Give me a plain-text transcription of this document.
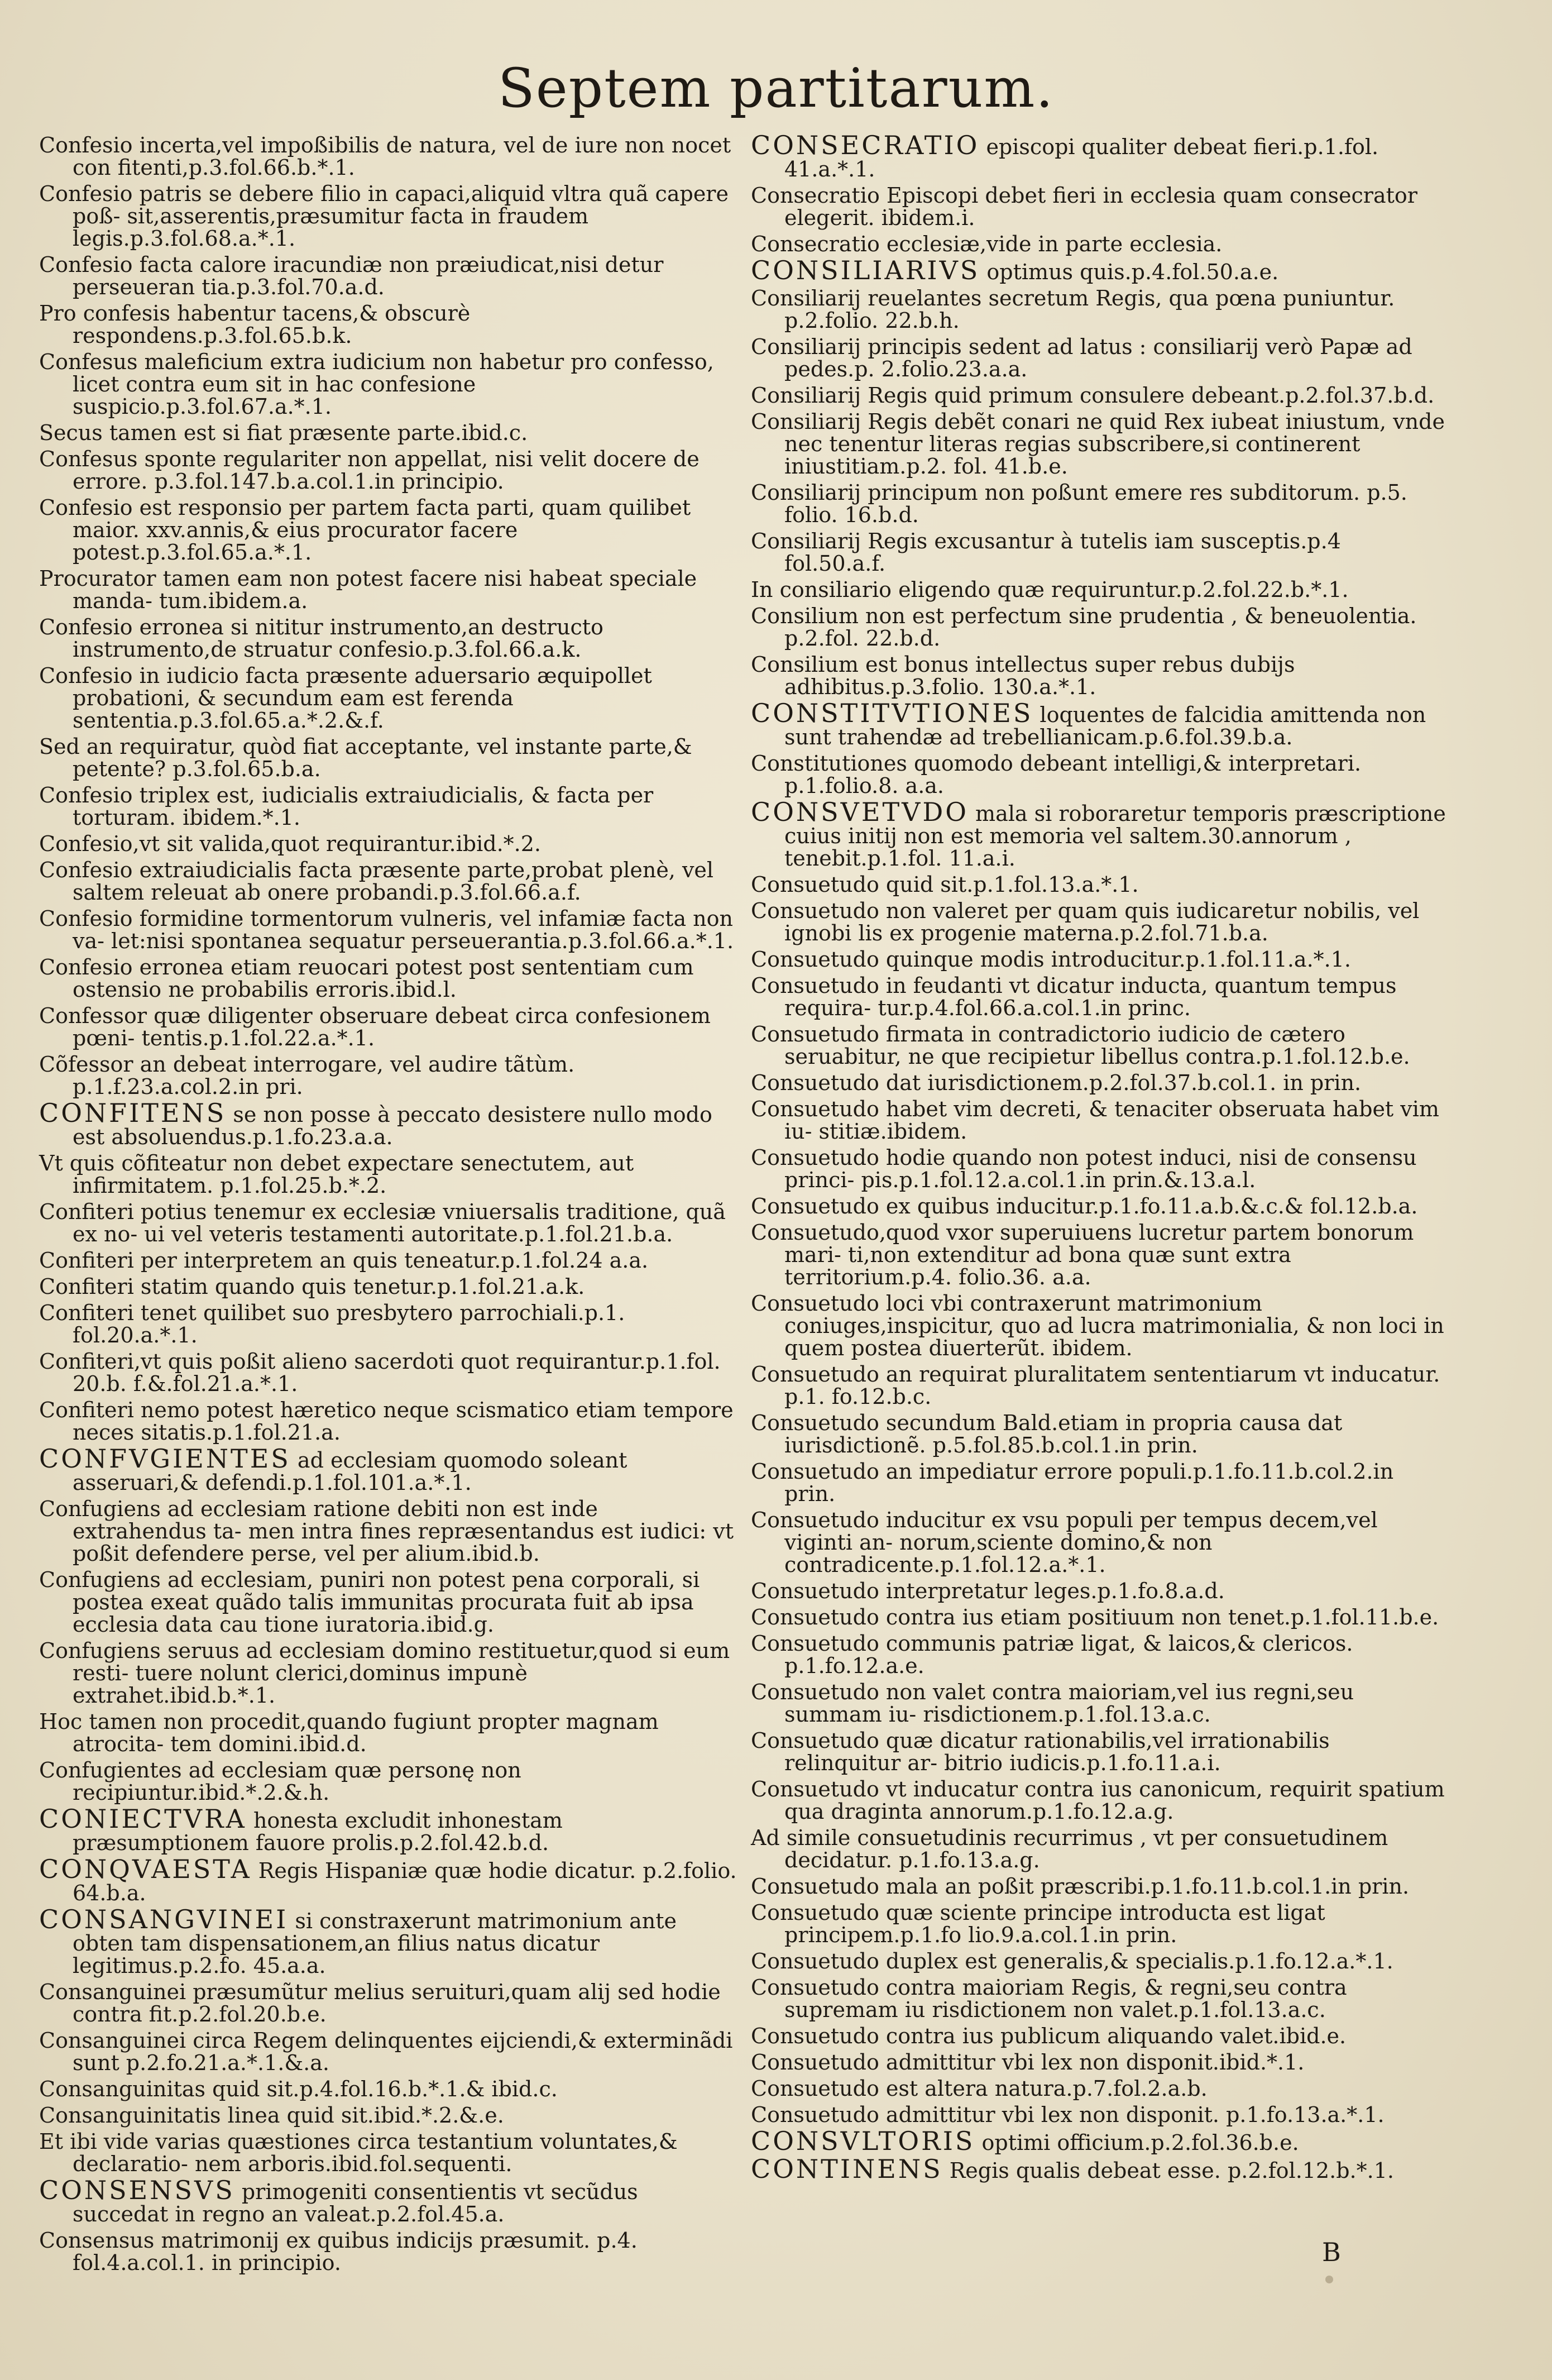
Septem partitarum.
Confesio incerta,vel impoßibilis de natura, vel de iure non nocet con fitenti,p.3.fol.66.b.*.1.
Confesio patris se debere filio in capaci,aliquid vltra quã capere poß- sit,asserentis,præsumitur facta in fraudem legis.p.3.fol.68.a.*.1.
Confesio facta calore iracundiæ non præiudicat,nisi detur perseueran tia.p.3.fol.70.a.d.
Pro confesis habentur tacens,& obscurè respondens.p.3.fol.65.b.k.
Confesus maleficium extra iudicium non habetur pro confesso, licet contra eum sit in hac confesione suspicio.p.3.fol.67.a.*.1.
Secus tamen est si fiat præsente parte.ibid.c.
Confesus sponte regulariter non appellat, nisi velit docere de errore. p.3.fol.147.b.a.col.1.in principio.
Confesio est responsio per partem facta parti, quam quilibet maior. xxv.annis,& eius procurator facere potest.p.3.fol.65.a.*.1.
Procurator tamen eam non potest facere nisi habeat speciale manda- tum.ibidem.a.
Confesio erronea si nititur instrumento,an destructo instrumento,de struatur confesio.p.3.fol.66.a.k.
Confesio in iudicio facta præsente aduersario æquipollet probationi, & secundum eam est ferenda sententia.p.3.fol.65.a.*.2.&.f.
Sed an requiratur, quòd fiat acceptante, vel instante parte,& petente? p.3.fol.65.b.a.
Confesio triplex est, iudicialis extraiudicialis, & facta per torturam. ibidem.*.1.
Confesio,vt sit valida,quot requirantur.ibid.*.2.
Confesio extraiudicialis facta præsente parte,probat plenè, vel saltem releuat ab onere probandi.p.3.fol.66.a.f.
Confesio formidine tormentorum vulneris, vel infamiæ facta non va- let:nisi spontanea sequatur perseuerantia.p.3.fol.66.a.*.1.
Confesio erronea etiam reuocari potest post sententiam cum ostensio ne probabilis erroris.ibid.l.
Confessor quæ diligenter obseruare debeat circa confesionem pœni- tentis.p.1.fol.22.a.*.1.
Cõfessor an debeat interrogare, vel audire tãtùm. p.1.f.23.a.col.2.in pri.
CONFITENS se non posse à peccato desistere nullo modo est absoluendus.p.1.fo.23.a.a.
Vt quis cõfiteatur non debet expectare senectutem, aut infirmitatem. p.1.fol.25.b.*.2.
Confiteri potius tenemur ex ecclesiæ vniuersalis traditione, quã ex no- ui vel veteris testamenti autoritate.p.1.fol.21.b.a.
Confiteri per interpretem an quis teneatur.p.1.fol.24 a.a.
Confiteri statim quando quis tenetur.p.1.fol.21.a.k.
Confiteri tenet quilibet suo presbytero parrochiali.p.1. fol.20.a.*.1.
Confiteri,vt quis poßit alieno sacerdoti quot requirantur.p.1.fol. 20.b. f.&.fol.21.a.*.1.
Confiteri nemo potest hæretico neque scismatico etiam tempore neces sitatis.p.1.fol.21.a.
CONFVGIENTES ad ecclesiam quomodo soleant asseruari,& defendi.p.1.fol.101.a.*.1.
Confugiens ad ecclesiam ratione debiti non est inde extrahendus ta- men intra fines repræsentandus est iudici: vt poßit defendere perse, vel per alium.ibid.b.
Confugiens ad ecclesiam, puniri non potest pena corporali, si postea exeat quãdo talis immunitas procurata fuit ab ipsa ecclesia data cau tione iuratoria.ibid.g.
Confugiens seruus ad ecclesiam domino restituetur,quod si eum resti- tuere nolunt clerici,dominus impunè extrahet.ibid.b.*.1.
Hoc tamen non procedit,quando fugiunt propter magnam atrocita- tem domini.ibid.d.
Confugientes ad ecclesiam quæ personę non recipiuntur.ibid.*.2.&.h.
CONIECTVRA honesta excludit inhonestam præsumptionem fauore prolis.p.2.fol.42.b.d.
CONQVAESTA Regis Hispaniæ quæ hodie dicatur. p.2.folio. 64.b.a.
CONSANGVINEI si constraxerunt matrimonium ante obten tam dispensationem,an filius natus dicatur legitimus.p.2.fo. 45.a.a.
Consanguinei præsumũtur melius seruituri,quam alij sed hodie contra fit.p.2.fol.20.b.e.
Consanguinei circa Regem delinquentes eijciendi,& exterminãdi sunt p.2.fo.21.a.*.1.&.a.
Consanguinitas quid sit.p.4.fol.16.b.*.1.& ibid.c.
Consanguinitatis linea quid sit.ibid.*.2.&.e.
Et ibi vide varias quæstiones circa testantium voluntates,& declaratio- nem arboris.ibid.fol.sequenti.
CONSENSVS primogeniti consentientis vt secũdus succedat in regno an valeat.p.2.fol.45.a.
Consensus matrimonij ex quibus indicijs præsumit. p.4. fol.4.a.col.1. in principio.
CONSECRATIO episcopi qualiter debeat fieri.p.1.fol. 41.a.*.1.
Consecratio Episcopi debet fieri in ecclesia quam consecrator elegerit. ibidem.i.
Consecratio ecclesiæ,vide in parte ecclesia.
CONSILIARIVS optimus quis.p.4.fol.50.a.e.
Consiliarij reuelantes secretum Regis, qua pœna puniuntur. p.2.folio. 22.b.h.
Consiliarij principis sedent ad latus : consiliarij verò Papæ ad pedes.p. 2.folio.23.a.a.
Consiliarij Regis quid primum consulere debeant.p.2.fol.37.b.d.
Consiliarij Regis debẽt conari ne quid Rex iubeat iniustum, vnde nec tenentur literas regias subscribere,si continerent iniustitiam.p.2. fol. 41.b.e.
Consiliarij principum non poßunt emere res subditorum. p.5. folio. 16.b.d.
Consiliarij Regis excusantur à tutelis iam susceptis.p.4 fol.50.a.f.
In consiliario eligendo quæ requiruntur.p.2.fol.22.b.*.1.
Consilium non est perfectum sine prudentia , & beneuolentia. p.2.fol. 22.b.d.
Consilium est bonus intellectus super rebus dubijs adhibitus.p.3.folio. 130.a.*.1.
CONSTITVTIONES loquentes de falcidia amittenda non sunt trahendæ ad trebellianicam.p.6.fol.39.b.a.
Constitutiones quomodo debeant intelligi,& interpretari. p.1.folio.8. a.a.
CONSVETVDO mala si roboraretur temporis præscriptione cuius initij non est memoria vel saltem.30.annorum , tenebit.p.1.fol. 11.a.i.
Consuetudo quid sit.p.1.fol.13.a.*.1.
Consuetudo non valeret per quam quis iudicaretur nobilis, vel ignobi lis ex progenie materna.p.2.fol.71.b.a.
Consuetudo quinque modis introducitur.p.1.fol.11.a.*.1.
Consuetudo in feudanti vt dicatur inducta, quantum tempus requira- tur.p.4.fol.66.a.col.1.in princ.
Consuetudo firmata in contradictorio iudicio de cætero seruabitur, ne que recipietur libellus contra.p.1.fol.12.b.e.
Consuetudo dat iurisdictionem.p.2.fol.37.b.col.1. in prin.
Consuetudo habet vim decreti, & tenaciter obseruata habet vim iu- stitiæ.ibidem.
Consuetudo hodie quando non potest induci, nisi de consensu princi- pis.p.1.fol.12.a.col.1.in prin.&.13.a.l.
Consuetudo ex quibus inducitur.p.1.fo.11.a.b.&.c.& fol.12.b.a.
Consuetudo,quod vxor superuiuens lucretur partem bonorum mari- ti,non extenditur ad bona quæ sunt extra territorium.p.4. folio.36. a.a.
Consuetudo loci vbi contraxerunt matrimonium coniuges,inspicitur, quo ad lucra matrimonialia, & non loci in quem postea diuerterũt. ibidem.
Consuetudo an requirat pluralitatem sententiarum vt inducatur. p.1. fo.12.b.c.
Consuetudo secundum Bald.etiam in propria causa dat iurisdictionẽ. p.5.fol.85.b.col.1.in prin.
Consuetudo an impediatur errore populi.p.1.fo.11.b.col.2.in prin.
Consuetudo inducitur ex vsu populi per tempus decem,vel viginti an- norum,sciente domino,& non contradicente.p.1.fol.12.a.*.1.
Consuetudo interpretatur leges.p.1.fo.8.a.d.
Consuetudo contra ius etiam positiuum non tenet.p.1.fol.11.b.e.
Consuetudo communis patriæ ligat, & laicos,& clericos. p.1.fo.12.a.e.
Consuetudo non valet contra maioriam,vel ius regni,seu summam iu- risdictionem.p.1.fol.13.a.c.
Consuetudo quæ dicatur rationabilis,vel irrationabilis relinquitur ar- bitrio iudicis.p.1.fo.11.a.i.
Consuetudo vt inducatur contra ius canonicum, requirit spatium qua draginta annorum.p.1.fo.12.a.g.
Ad simile consuetudinis recurrimus , vt per consuetudinem decidatur. p.1.fo.13.a.g.
Consuetudo mala an poßit præscribi.p.1.fo.11.b.col.1.in prin.
Consuetudo quæ sciente principe introducta est ligat principem.p.1.fo lio.9.a.col.1.in prin.
Consuetudo duplex est generalis,& specialis.p.1.fo.12.a.*.1.
Consuetudo contra maioriam Regis, & regni,seu contra supremam iu risdictionem non valet.p.1.fol.13.a.c.
Consuetudo contra ius publicum aliquando valet.ibid.e.
Consuetudo admittitur vbi lex non disponit.ibid.*.1.
Consuetudo est altera natura.p.7.fol.2.a.b.
Consuetudo admittitur vbi lex non disponit. p.1.fo.13.a.*.1.
CONSVLTORIS optimi officium.p.2.fol.36.b.e.
CONTINENS Regis qualis debeat esse. p.2.fol.12.b.*.1.
B
